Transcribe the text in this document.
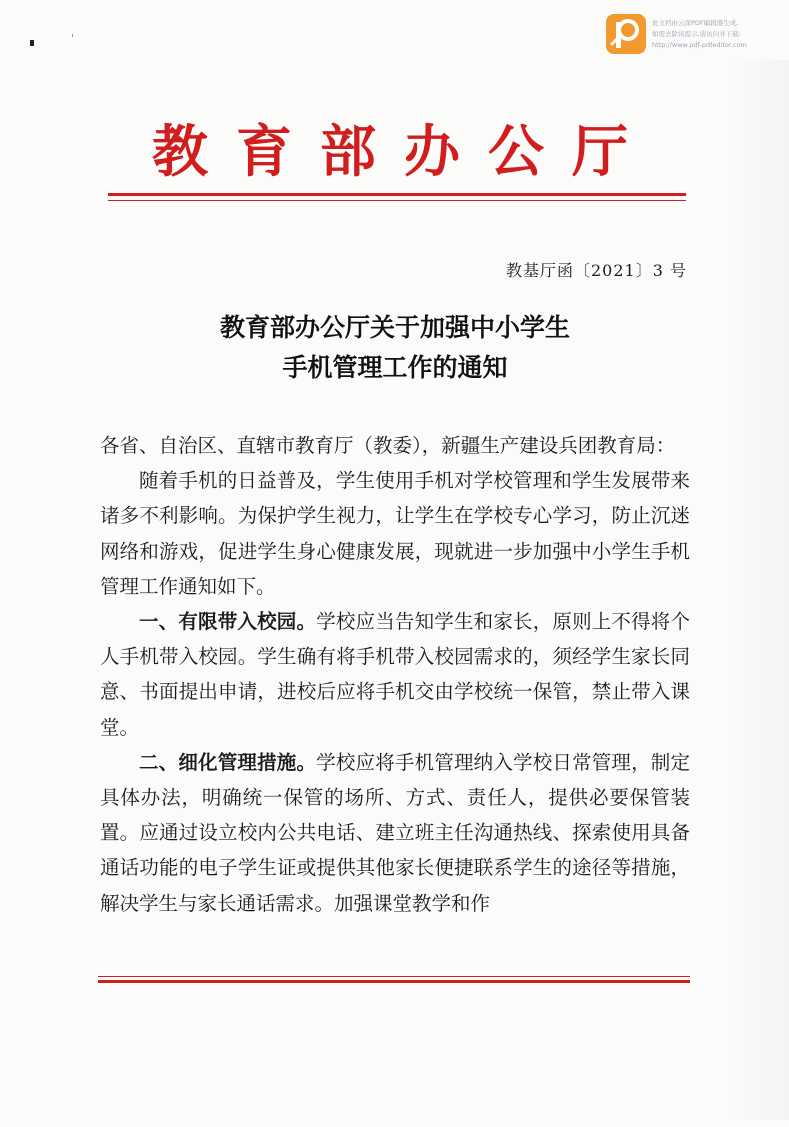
此文档由云深PDF编辑器生成,
如需去除该提示,请访问并下载:
http://www.pdf-pdfeditor.com
教育部办公厅
教基厅函〔2021〕3 号
教育部办公厅关于加强中小学生
手机管理工作的通知

各省、自治区、直辖市教育厅（教委），新疆生产建设兵团教育局：

随着手机的日益普及，学生使用手机对学校管理和学生发展带来诸多不利影响。为保护学生视力，让学生在学校专心学习，防止沉迷网络和游戏，促进学生身心健康发展，现就进一步加强中小学生手机管理工作通知如下。

一、有限带入校园。学校应当告知学生和家长，原则上不得将个人手机带入校园。学生确有将手机带入校园需求的，须经学生家长同意、书面提出申请，进校后应将手机交由学校统一保管，禁止带入课堂。

二、细化管理措施。学校应将手机管理纳入学校日常管理，制定具体办法，明确统一保管的场所、方式、责任人，提供必要保管装置。应通过设立校内公共电话、建立班主任沟通热线、探索使用具备通话功能的电子学生证或提供其他家长便捷联系学生的途径等措施，解决学生与家长通话需求。加强课堂教学和作
